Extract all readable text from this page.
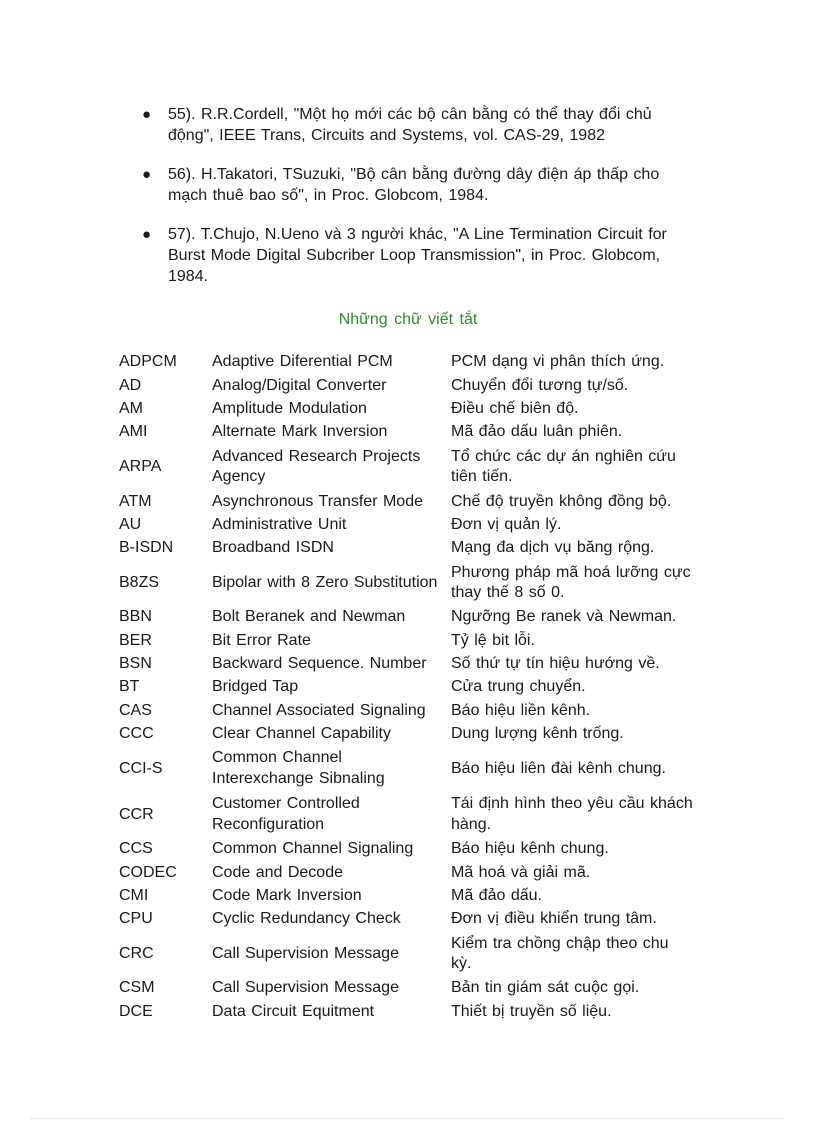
● 55). R.R.Cordell, "Một họ mới các bộ cân bằng có thể thay đổi chủ động", IEEE Trans, Circuits and Systems, vol. CAS-29, 1982
● 56). H.Takatori, TSuzuki, "Bộ cân bằng đường dây điện áp thấp cho mạch thuê bao số", in Proc. Globcom, 1984.
● 57). T.Chujo, N.Ueno và 3 người khác, "A Line Termination Circuit for Burst Mode Digital Subcriber Loop Transmission", in Proc. Globcom, 1984.
Những chữ viết tắt
ADPCM	Adaptive Diferential PCM	PCM dạng vi phân thích ứng.
AD	Analog/Digital Converter	Chuyển đổi tương tự/số.
AM	Amplitude Modulation	Điều chế biên độ.
AMI	Alternate Mark Inversion	Mã đảo dấu luân phiên.
ARPA	Advanced Research Projects Agency	Tổ chức các dự án nghiên cứu tiên tiến.
ATM	Asynchronous Transfer Mode	Chế độ truyền không đồng bộ.
AU	Administrative Unit	Đơn vị quản lý.
B-ISDN	Broadband ISDN	Mạng đa dịch vụ băng rộng.
B8ZS	Bipolar with 8 Zero Substitution	Phương pháp mã hoá lưỡng cực thay thế 8 số 0.
BBN	Bolt Beranek and Newman	Ngưỡng Be ranek và Newman.
BER	Bit Error Rate	Tỷ lệ bit lỗi.
BSN	Backward Sequence. Number	Số thứ tự tín hiệu hướng về.
BT	Bridged Tap	Cửa trung chuyển.
CAS	Channel Associated Signaling	Báo hiệu liền kênh.
CCC	Clear Channel Capability	Dung lượng kênh trống.
CCI-S	Common Channel Interexchange Sibnaling	Báo hiệu liên đài kênh chung.
CCR	Customer Controlled Reconfiguration	Tái định hình theo yêu cầu khách hàng.
CCS	Common Channel Signaling	Báo hiệu kênh chung.
CODEC	Code and Decode	Mã hoá và giải mã.
CMI	Code Mark Inversion	Mã đảo dấu.
CPU	Cyclic Redundancy Check	Đơn vị điều khiển trung tâm.
CRC	Call Supervision Message	Kiểm tra chồng chập theo chu kỳ.
CSM	Call Supervision Message	Bản tin giám sát cuộc gọi.
DCE	Data Circuit Equitment	Thiết bị truyền số liệu.
